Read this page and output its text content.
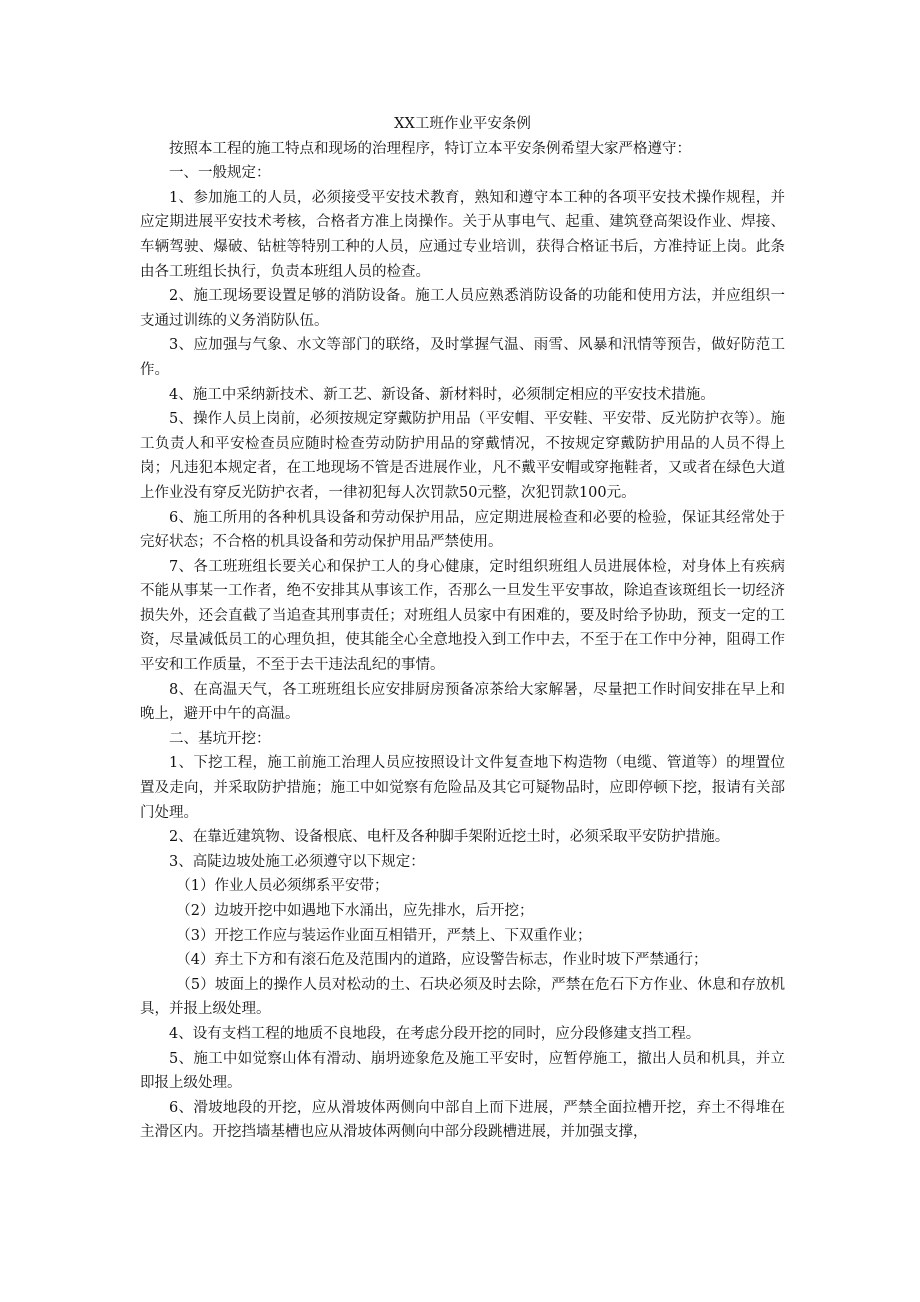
XX工班作业平安条例

按照本工程的施工特点和现场的治理程序，特订立本平安条例希望大家严格遵守：

一、一般规定：

1、参加施工的人员，必须接受平安技术教育，熟知和遵守本工种的各项平安技术操作规程，并应定期进展平安技术考核，合格者方准上岗操作。关于从事电气、起重、建筑登高架设作业、焊接、车辆驾驶、爆破、钻桩等特别工种的人员，应通过专业培训，获得合格证书后，方准持证上岗。此条由各工班组长执行，负责本班组人员的检查。

2、施工现场要设置足够的消防设备。施工人员应熟悉消防设备的功能和使用方法，并应组织一支通过训练的义务消防队伍。

3、应加强与气象、水文等部门的联络，及时掌握气温、雨雪、风暴和汛情等预告，做好防范工作。

4、施工中采纳新技术、新工艺、新设备、新材料时，必须制定相应的平安技术措施。

5、操作人员上岗前，必须按规定穿戴防护用品（平安帽、平安鞋、平安带、反光防护衣等）。施工负责人和平安检查员应随时检查劳动防护用品的穿戴情况，不按规定穿戴防护用品的人员不得上岗；凡违犯本规定者，在工地现场不管是否进展作业，凡不戴平安帽或穿拖鞋者，又或者在绿色大道上作业没有穿反光防护衣者，一律初犯每人次罚款50元整，次犯罚款100元。

6、施工所用的各种机具设备和劳动保护用品，应定期进展检查和必要的检验，保证其经常处于完好状态；不合格的机具设备和劳动保护用品严禁使用。

7、各工班班组长要关心和保护工人的身心健康，定时组织班组人员进展体检，对身体上有疾病不能从事某一工作者，绝不安排其从事该工作，否那么一旦发生平安事故，除追查该斑组长一切经济损失外，还会直截了当追查其刑事责任；对班组人员家中有困难的，要及时给予协助，预支一定的工资，尽量减低员工的心理负担，使其能全心全意地投入到工作中去，不至于在工作中分神，阻碍工作平安和工作质量，不至于去干违法乱纪的事情。

8、在高温天气，各工班班组长应安排厨房预备凉茶给大家解暑，尽量把工作时间安排在早上和晚上，避开中午的高温。

二、基坑开挖：

1、下挖工程，施工前施工治理人员应按照设计文件复查地下构造物（电缆、管道等）的埋置位置及走向，并采取防护措施；施工中如觉察有危险品及其它可疑物品时，应即停顿下挖，报请有关部门处理。

2、在靠近建筑物、设备根底、电杆及各种脚手架附近挖土时，必须采取平安防护措施。

3、高陡边坡处施工必须遵守以下规定：

（1）作业人员必须绑系平安带；

（2）边坡开挖中如遇地下水涌出，应先排水，后开挖；

（3）开挖工作应与装运作业面互相错开，严禁上、下双重作业；

（4）弃土下方和有滚石危及范围内的道路，应设警告标志，作业时坡下严禁通行；

（5）坡面上的操作人员对松动的土、石块必须及时去除，严禁在危石下方作业、休息和存放机具，并报上级处理。

4、设有支档工程的地质不良地段，在考虑分段开挖的同时，应分段修建支挡工程。

5、施工中如觉察山体有滑动、崩坍迹象危及施工平安时，应暂停施工，撤出人员和机具，并立即报上级处理。

6、滑坡地段的开挖，应从滑坡体两侧向中部自上而下进展，严禁全面拉槽开挖，弃土不得堆在主滑区内。开挖挡墙基槽也应从滑坡体两侧向中部分段跳槽进展，并加强支撑，
